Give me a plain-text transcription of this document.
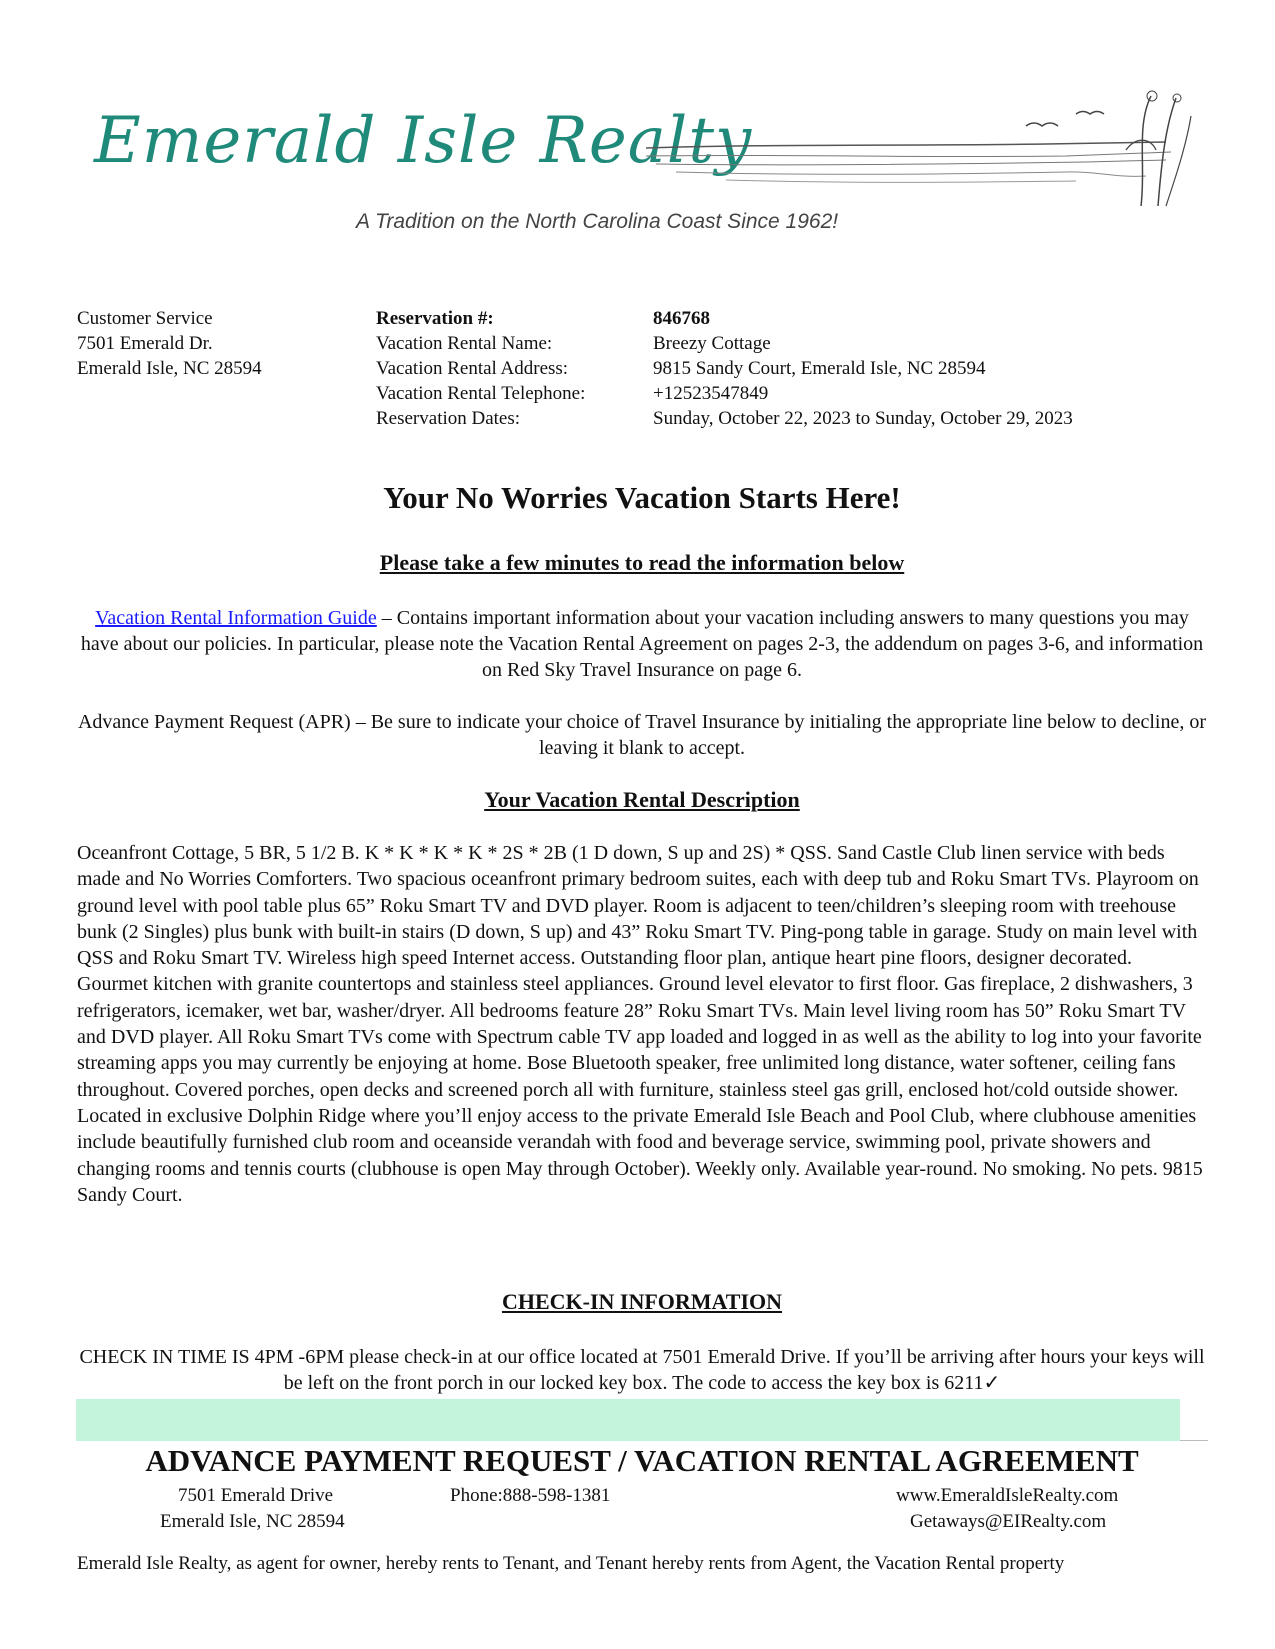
Emerald Isle Realty
A Tradition on the North Carolina Coast Since 1962!
Customer Service
7501 Emerald Dr.
Emerald Isle, NC 28594
Reservation #:
Vacation Rental Name:
Vacation Rental Address:
Vacation Rental Telephone:
Reservation Dates:
846768
Breezy Cottage
9815 Sandy Court, Emerald Isle, NC 28594
+12523547849
Sunday, October 22, 2023 to Sunday, October 29, 2023
Your No Worries Vacation Starts Here!
Please take a few minutes to read the information below
Vacation Rental Information Guide – Contains important information about your vacation including answers to many questions you may have about our policies. In particular, please note the Vacation Rental Agreement on pages 2-3, the addendum on pages 3-6, and information on Red Sky Travel Insurance on page 6.
Advance Payment Request (APR) – Be sure to indicate your choice of Travel Insurance by initialing the appropriate line below to decline, or leaving it blank to accept.
Your Vacation Rental Description
Oceanfront Cottage, 5 BR, 5 1/2 B. K * K * K * K * 2S * 2B (1 D down, S up and 2S) * QSS. Sand Castle Club linen service with beds made and No Worries Comforters. Two spacious oceanfront primary bedroom suites, each with deep tub and Roku Smart TVs. Playroom on ground level with pool table plus 65” Roku Smart TV and DVD player. Room is adjacent to teen/children’s sleeping room with treehouse bunk (2 Singles) plus bunk with built-in stairs (D down, S up) and 43” Roku Smart TV. Ping-pong table in garage. Study on main level with QSS and Roku Smart TV. Wireless high speed Internet access. Outstanding floor plan, antique heart pine floors, designer decorated. Gourmet kitchen with granite countertops and stainless steel appliances. Ground level elevator to first floor. Gas fireplace, 2 dishwashers, 3 refrigerators, icemaker, wet bar, washer/dryer. All bedrooms feature 28” Roku Smart TVs. Main level living room has 50” Roku Smart TV and DVD player. All Roku Smart TVs come with Spectrum cable TV app loaded and logged in as well as the ability to log into your favorite streaming apps you may currently be enjoying at home. Bose Bluetooth speaker, free unlimited long distance, water softener, ceiling fans throughout. Covered porches, open decks and screened porch all with furniture, stainless steel gas grill, enclosed hot/cold outside shower. Located in exclusive Dolphin Ridge where you’ll enjoy access to the private Emerald Isle Beach and Pool Club, where clubhouse amenities include beautifully furnished club room and oceanside verandah with food and beverage service, swimming pool, private showers and changing rooms and tennis courts (clubhouse is open May through October). Weekly only. Available year-round. No smoking. No pets. 9815 Sandy Court.
CHECK-IN INFORMATION
CHECK IN TIME IS 4PM -6PM please check-in at our office located at 7501 Emerald Drive. If you’ll be arriving after hours your keys will be left on the front porch in our locked key box. The code to access the key box is 6211✓
ADVANCE PAYMENT REQUEST / VACATION RENTAL AGREEMENT
7501 Emerald Drive
Emerald Isle, NC 28594
Phone:888-598-1381	www.EmeraldIsleRealty.com
Getaways@EIRealty.com
Emerald Isle Realty, as agent for owner, hereby rents to Tenant, and Tenant hereby rents from Agent, the Vacation Rental property
